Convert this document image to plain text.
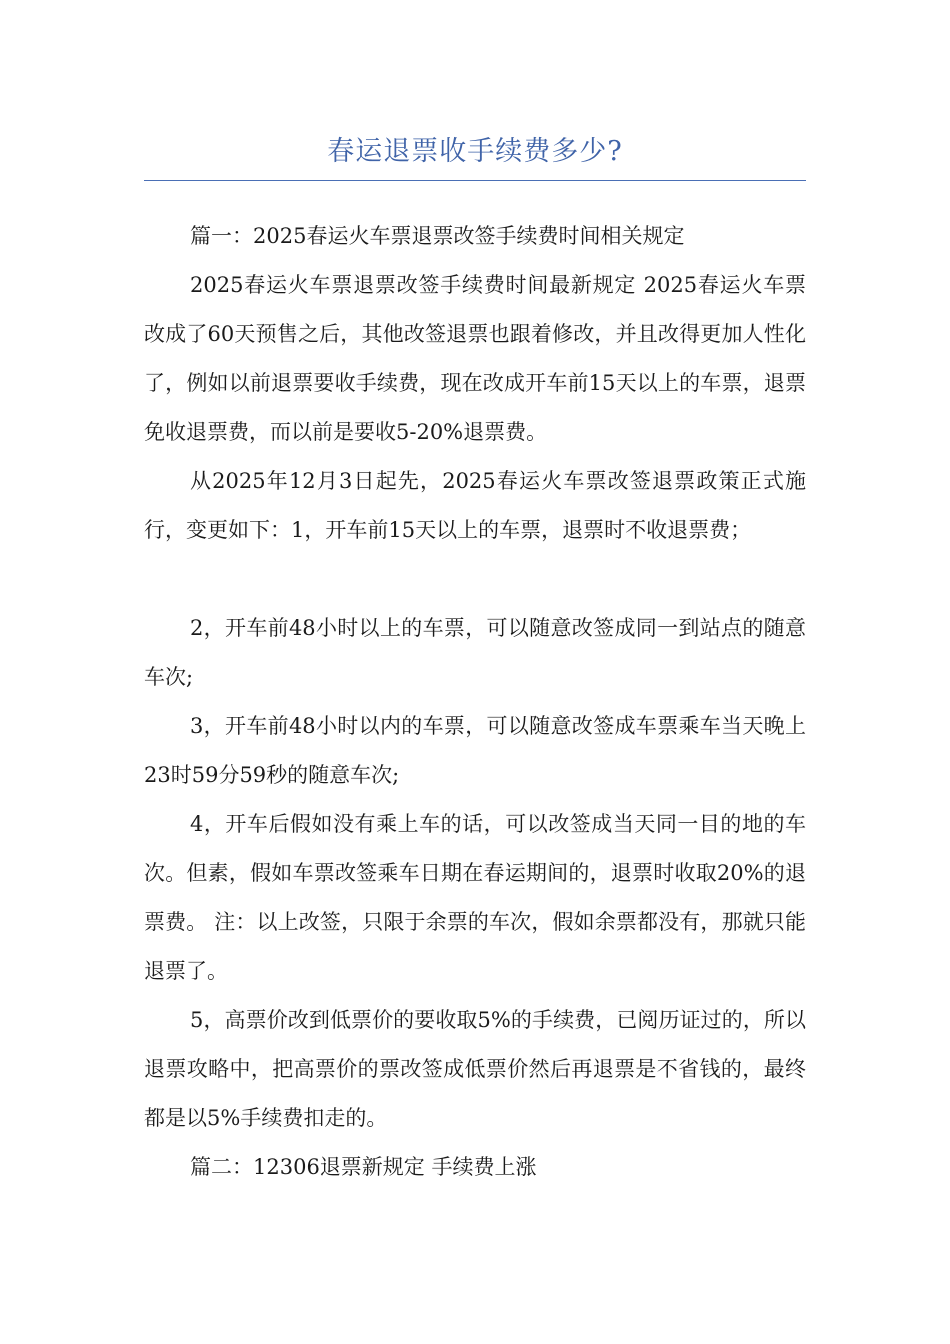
春运退票收手续费多少?

篇一：2025春运火车票退票改签手续费时间相关规定

2025春运火车票退票改签手续费时间最新规定 2025春运火车票改成了60天预售之后，其他改签退票也跟着修改，并且改得更加人性化了，例如以前退票要收手续费，现在改成开车前15天以上的车票，退票免收退票费，而以前是要收5-20%退票费。

从2025年12月3日起先，2025春运火车票改签退票政策正式施行，变更如下：1，开车前15天以上的车票，退票时不收退票费；

2，开车前48小时以上的车票，可以随意改签成同一到站点的随意车次;

3，开车前48小时以内的车票，可以随意改签成车票乘车当天晚上23时59分59秒的随意车次;

4，开车后假如没有乘上车的话，可以改签成当天同一目的地的车次。但素，假如车票改签乘车日期在春运期间的，退票时收取20%的退票费。 注：以上改签，只限于余票的车次，假如余票都没有，那就只能退票了。

5，高票价改到低票价的要收取5%的手续费，已阅历证过的，所以退票攻略中，把高票价的票改签成低票价然后再退票是不省钱的，最终都是以5%手续费扣走的。

篇二：12306退票新规定 手续费上涨
